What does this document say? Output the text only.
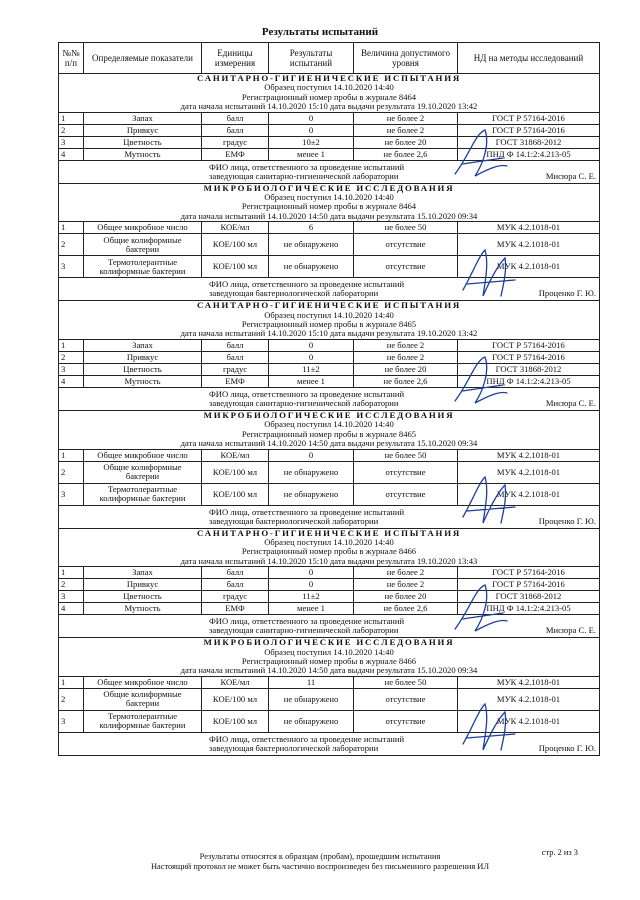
Результаты испытаний
№№ п/п	Определяемые показатели	Единицы измерения	Результаты испытаний	Величина допустимого уровня	НД на методы исследований

САНИТАРНО-ГИГИЕНИЧЕСКИЕ ИСПЫТАНИЯ
Образец поступил 14.10.2020 14:40
Регистрационный номер пробы в журнале 8464
дата начала испытаний 14.10.2020 15:10 дата выдачи результата 19.10.2020 13:42					

1	Запах	балл	0	не более 2	ГОСТ Р 57164-2016
2	Привкус	балл	0	не более 2	ГОСТ Р 57164-2016
3	Цветность	градус	10±2	не более 20	ГОСТ 31868-2012
4	Мутность	ЕМФ	менее 1	не более 2,6	ПНД Ф 14.1:2:4.213-05

ФИО лица, ответственного за проведение испытаний
заведующая санитарно-гигиенической лаборатории Мисюра С. Е.					

МИКРОБИОЛОГИЧЕСКИЕ ИССЛЕДОВАНИЯ
Образец поступил 14.10.2020 14:40
Регистрационный номер пробы в журнале 8464
дата начала испытаний 14.10.2020 14:50 дата выдачи результата 15.10.2020 09:34					

1	Общее микробное число	КОЕ/мл	6	не более 50	МУК 4.2.1018-01
2	Общие колиформные бактерии	КОЕ/100 мл	не обнаружено	отсутствие	МУК 4.2.1018-01
3	Термотолерантные колиформные бактерии	КОЕ/100 мл	не обнаружено	отсутствие	МУК 4.2.1018-01

ФИО лица, ответственного за проведение испытаний
заведующая бактериологической лаборатории Проценко Г. Ю.					

САНИТАРНО-ГИГИЕНИЧЕСКИЕ ИСПЫТАНИЯ
Образец поступил 14.10.2020 14:40
Регистрационный номер пробы в журнале 8465
дата начала испытаний 14.10.2020 15:10 дата выдачи результата 19.10.2020 13:42					

1	Запах	балл	0	не более 2	ГОСТ Р 57164-2016
2	Привкус	балл	0	не более 2	ГОСТ Р 57164-2016
3	Цветность	градус	11±2	не более 20	ГОСТ 31868-2012
4	Мутность	ЕМФ	менее 1	не более 2,6	ПНД Ф 14.1:2:4.213-05

ФИО лица, ответственного за проведение испытаний
заведующая санитарно-гигиенической лаборатории Мисюра С. Е.					

МИКРОБИОЛОГИЧЕСКИЕ ИССЛЕДОВАНИЯ
Образец поступил 14.10.2020 14:40
Регистрационный номер пробы в журнале 8465
дата начала испытаний 14.10.2020 14:50 дата выдачи результата 15.10.2020 09:34					

1	Общее микробное число	КОЕ/мл	0	не более 50	МУК 4.2.1018-01
2	Общие колиформные бактерии	КОЕ/100 мл	не обнаружено	отсутствие	МУК 4.2.1018-01
3	Термотолерантные колиформные бактерии	КОЕ/100 мл	не обнаружено	отсутствие	МУК 4.2.1018-01

ФИО лица, ответственного за проведение испытаний
заведующая бактериологической лаборатории Проценко Г. Ю.					

САНИТАРНО-ГИГИЕНИЧЕСКИЕ ИСПЫТАНИЯ
Образец поступил 14.10.2020 14:40
Регистрационный номер пробы в журнале 8466
дата начала испытаний 14.10.2020 15:10 дата выдачи результата 19.10.2020 13:43					

1	Запах	балл	0	не более 2	ГОСТ Р 57164-2016
2	Привкус	балл	0	не более 2	ГОСТ Р 57164-2016
3	Цветность	градус	11±2	не более 20	ГОСТ 31868-2012
4	Мутность	ЕМФ	менее 1	не более 2,6	ПНД Ф 14.1:2:4.213-05

ФИО лица, ответственного за проведение испытаний
заведующая санитарно-гигиенической лаборатории Мисюра С. Е.					

МИКРОБИОЛОГИЧЕСКИЕ ИССЛЕДОВАНИЯ
Образец поступил 14.10.2020 14:40
Регистрационный номер пробы в журнале 8466
дата начала испытаний 14.10.2020 14:50 дата выдачи результата 15.10.2020 09:34					

1	Общее микробное число	КОЕ/мл	11	не более 50	МУК 4.2.1018-01
2	Общие колиформные бактерии	КОЕ/100 мл	не обнаружено	отсутствие	МУК 4.2.1018-01
3	Термотолерантные колиформные бактерии	КОЕ/100 мл	не обнаружено	отсутствие	МУК 4.2.1018-01

ФИО лица, ответственного за проведение испытаний
заведующая бактериологической лаборатории Проценко Г. Ю.					
стр. 2 из 3
Результаты относятся к образцам (пробам), прошедшим испытания
Настоящий протокол не может быть частично воспроизведен без письменного разрешения ИЛ
